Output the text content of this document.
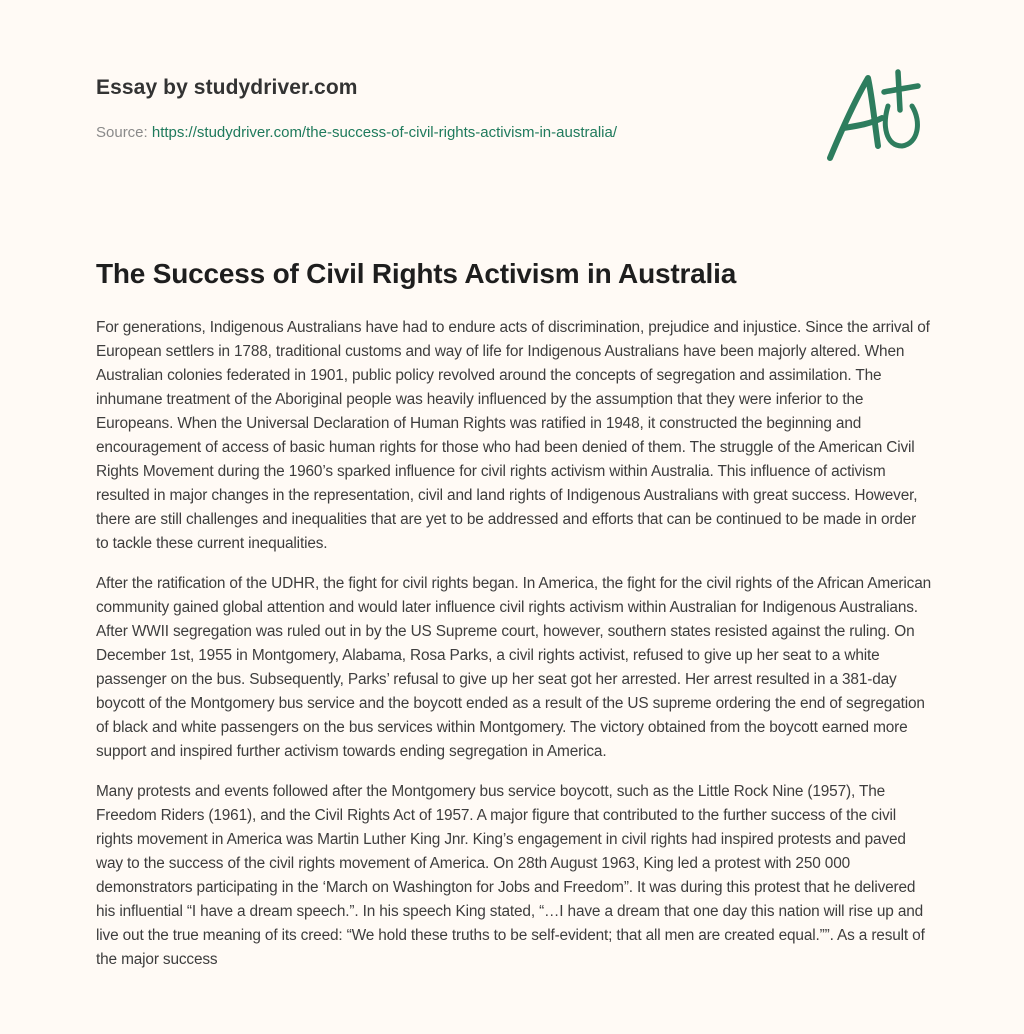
Essay by studydriver.com
Source: https://studydriver.com/the-success-of-civil-rights-activism-in-australia/
The Success of Civil Rights Activism in Australia

For generations, Indigenous Australians have had to endure acts of discrimination, prejudice and injustice. Since the arrival of European settlers in 1788, traditional customs and way of life for Indigenous Australians have been majorly altered. When Australian colonies federated in 1901, public policy revolved around the concepts of segregation and assimilation. The inhumane treatment of the Aboriginal people was heavily influenced by the assumption that they were inferior to the Europeans. When the Universal Declaration of Human Rights was ratified in 1948, it constructed the beginning and encouragement of access of basic human rights for those who had been denied of them. The struggle of the American Civil Rights Movement during the 1960’s sparked influence for civil rights activism within Australia. This influence of activism resulted in major changes in the representation, civil and land rights of Indigenous Australians with great success. However, there are still challenges and inequalities that are yet to be addressed and efforts that can be continued to be made in order to tackle these current inequalities.

After the ratification of the UDHR, the fight for civil rights began. In America, the fight for the civil rights of the African American community gained global attention and would later influence civil rights activism within Australian for Indigenous Australians. After WWII segregation was ruled out in by the US Supreme court, however, southern states resisted against the ruling. On December 1st, 1955 in Montgomery, Alabama, Rosa Parks, a civil rights activist, refused to give up her seat to a white passenger on the bus. Subsequently, Parks’ refusal to give up her seat got her arrested. Her arrest resulted in a 381-day boycott of the Montgomery bus service and the boycott ended as a result of the US supreme ordering the end of segregation of black and white passengers on the bus services within Montgomery. The victory obtained from the boycott earned more support and inspired further activism towards ending segregation in America.

Many protests and events followed after the Montgomery bus service boycott, such as the Little Rock Nine (1957), The Freedom Riders (1961), and the Civil Rights Act of 1957. A major figure that contributed to the further success of the civil rights movement in America was Martin Luther King Jnr. King’s engagement in civil rights had inspired protests and paved way to the success of the civil rights movement of America. On 28th August 1963, King led a protest with 250 000 demonstrators participating in the ‘March on Washington for Jobs and Freedom”. It was during this protest that he delivered his influential “I have a dream speech.”. In his speech King stated, “…I have a dream that one day this nation will rise up and live out the true meaning of its creed: “We hold these truths to be self-evident; that all men are created equal.””. As a result of the major success
